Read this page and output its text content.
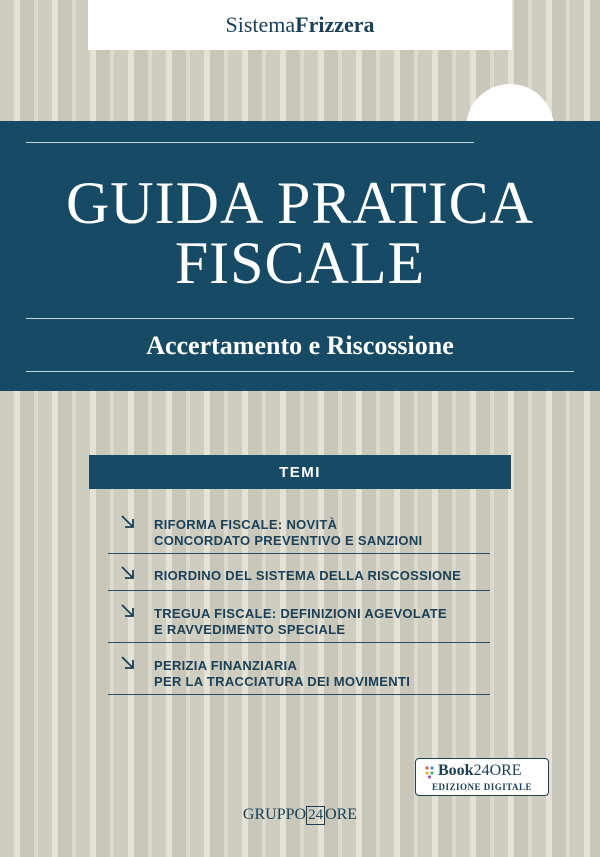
SistemaFrizzera
GUIDA PRATICA
FISCALE
Accertamento e Riscossione
TEMI
RIFORMA FISCALE: NOVITÀ
CONCORDATO PREVENTIVO E SANZIONI
RIORDINO DEL SISTEMA DELLA RISCOSSIONE
TREGUA FISCALE: DEFINIZIONI AGEVOLATE
E RAVVEDIMENTO SPECIALE
PERIZIA FINANZIARIA
PER LA TRACCIATURA DEI MOVIMENTI
Book24ORE
EDIZIONE DIGITALE
GRUPPO 24 ORE
